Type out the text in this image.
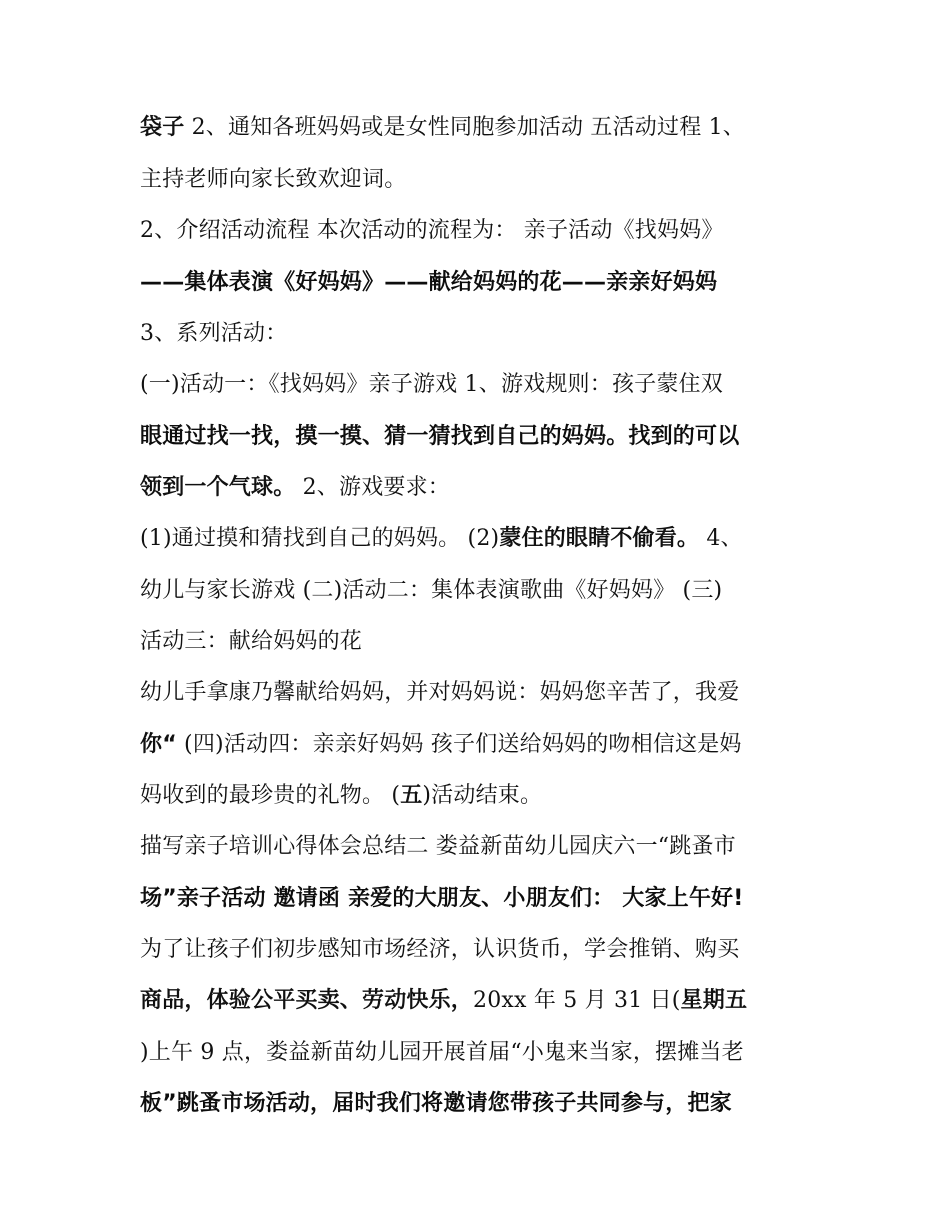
袋子 2、通知各班妈妈或是女性同胞参加活动 五活动过程 1、
主持老师向家长致欢迎词。
2、介绍活动流程 本次活动的流程为： 亲子活动《找妈妈》
——集体表演《好妈妈》——献给妈妈的花——亲亲好妈妈
3、系列活动：
(一)活动一：《找妈妈》亲子游戏 1、游戏规则：孩子蒙住双
眼通过找一找，摸一摸、猜一猜找到自己的妈妈。找到的可以
领到一个气球。 2、游戏要求：
(1)通过摸和猜找到自己的妈妈。 (2)蒙住的眼睛不偷看。 4、
幼儿与家长游戏 (二)活动二：集体表演歌曲《好妈妈》 (三)
活动三：献给妈妈的花
幼儿手拿康乃馨献给妈妈，并对妈妈说：妈妈您辛苦了，我爱
你“ (四)活动四：亲亲好妈妈 孩子们送给妈妈的吻相信这是妈
妈收到的最珍贵的礼物。 (五)活动结束。
描写亲子培训心得体会总结二 娄益新苗幼儿园庆六一“跳蚤市
场”亲子活动 邀请函 亲爱的大朋友、小朋友们： 大家上午好!
为了让孩子们初步感知市场经济，认识货币，学会推销、购买
商品，体验公平买卖、劳动快乐，20xx 年 5 月 31 日(星期五
)上午 9 点，娄益新苗幼儿园开展首届“小鬼来当家，摆摊当老
板”跳蚤市场活动，届时我们将邀请您带孩子共同参与，把家
